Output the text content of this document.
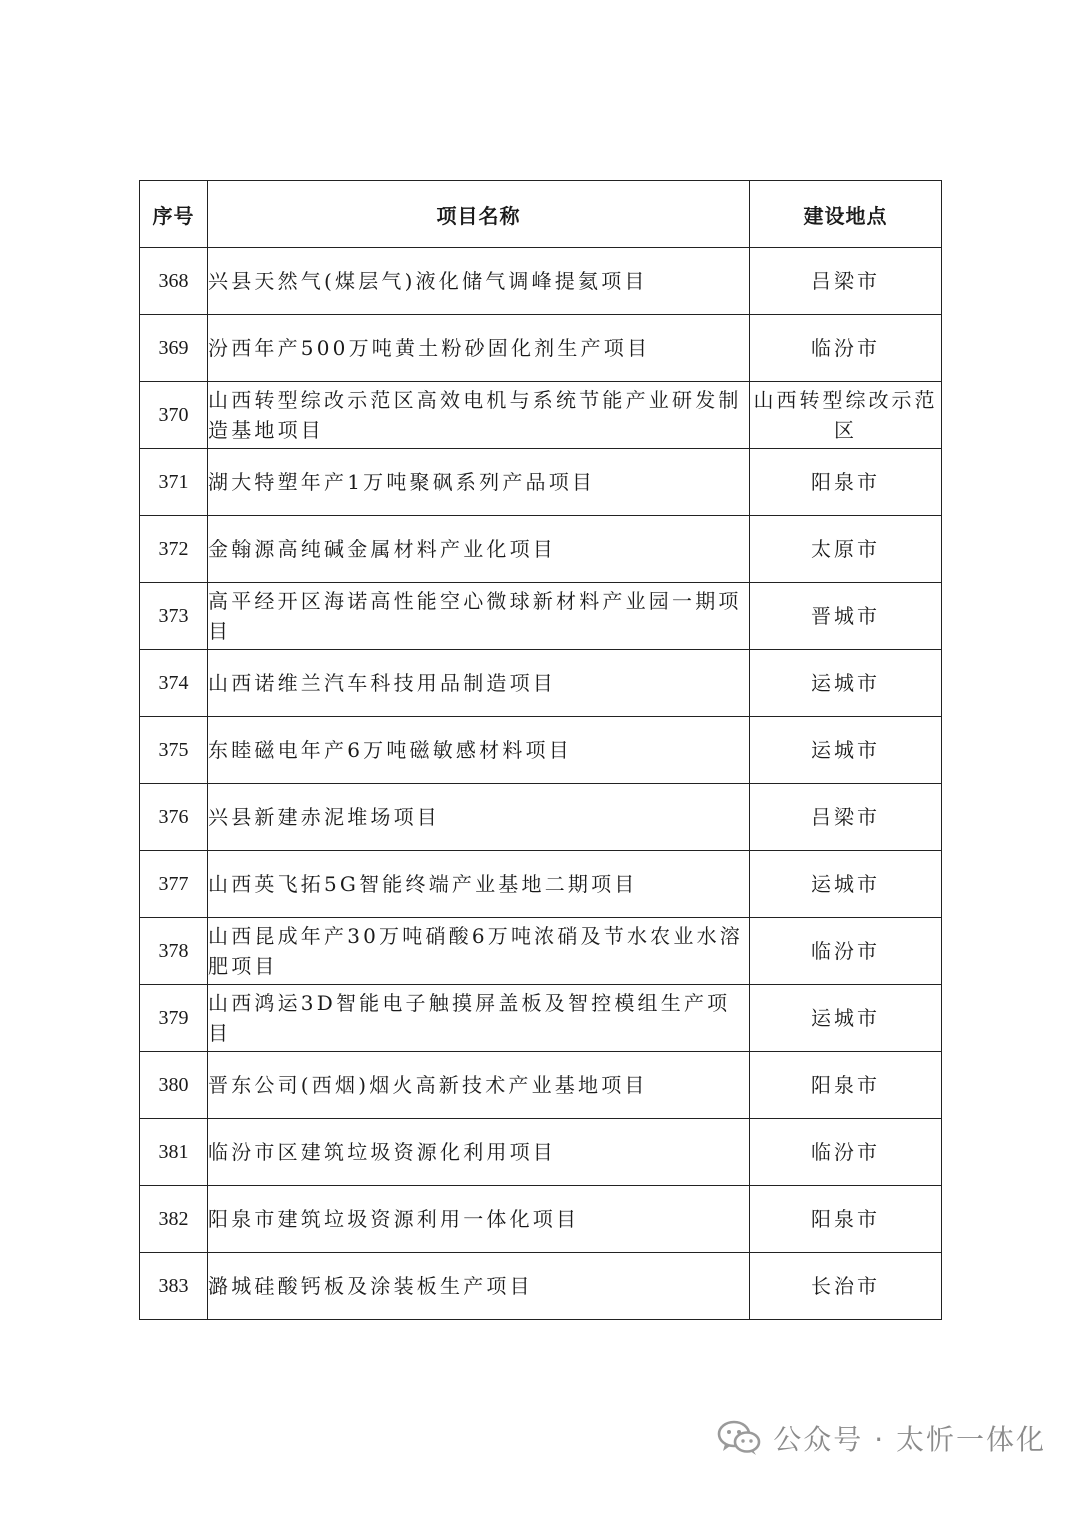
序号	项目名称	建设地点
368	兴县天然气(煤层气)液化储气调峰提氦项目	吕梁市
369	汾西年产500万吨黄土粉砂固化剂生产项目	临汾市
370	山西转型综改示范区高效电机与系统节能产业研发制造基地项目	山西转型综改示范区
371	湖大特塑年产1万吨聚砜系列产品项目	阳泉市
372	金翰源高纯碱金属材料产业化项目	太原市
373	高平经开区海诺高性能空心微球新材料产业园一期项目	晋城市
374	山西诺维兰汽车科技用品制造项目	运城市
375	东睦磁电年产6万吨磁敏感材料项目	运城市
376	兴县新建赤泥堆场项目	吕梁市
377	山西英飞拓5G智能终端产业基地二期项目	运城市
378	山西昆成年产30万吨硝酸6万吨浓硝及节水农业水溶肥项目	临汾市
379	山西鸿运3D智能电子触摸屏盖板及智控模组生产项目	运城市
380	晋东公司(西烟)烟火高新技术产业基地项目	阳泉市
381	临汾市区建筑垃圾资源化利用项目	临汾市
382	阳泉市建筑垃圾资源利用一体化项目	阳泉市
383	潞城硅酸钙板及涂装板生产项目	长治市
公众号 · 太忻一体化
